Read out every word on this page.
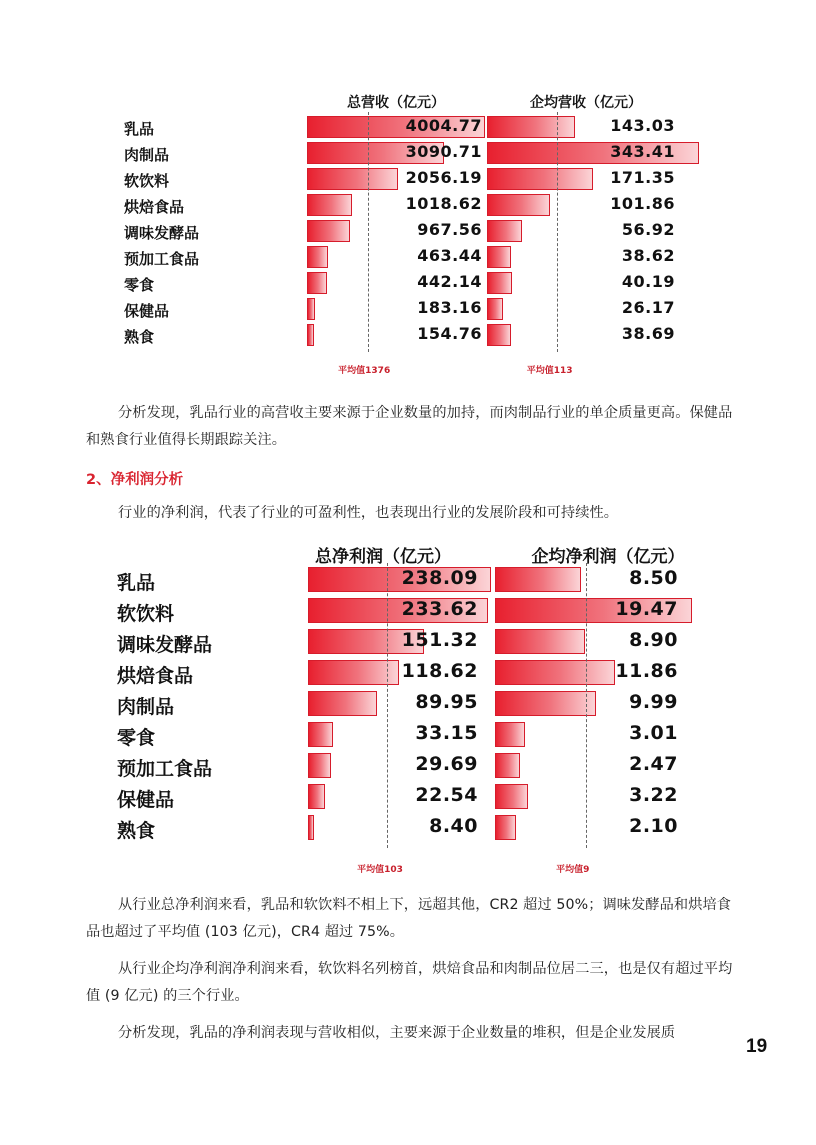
乳品
肉制品
软饮料
烘焙食品
调味发酵品
预加工食品
零食
保健品
熟食
总营收（亿元）
4004.77
3090.71
2056.19
1018.62
967.56
463.44
442.14
183.16
154.76
平均值1376
企均营收（亿元）
143.03
343.41
171.35
101.86
56.92
38.62
40.19
26.17
38.69
平均值113
乳品
软饮料
调味发酵品
烘焙食品
肉制品
零食
预加工食品
保健品
熟食
总净利润（亿元）
238.09
233.62
151.32
118.62
89.95
33.15
29.69
22.54
8.40
平均值103
企均净利润（亿元）
8.50
19.47
8.90
11.86
9.99
3.01
2.47
3.22
2.10
平均值9
分析发现，乳品行业的高营收主要来源于企业数量的加持，而肉制品行业的单企质量更高。保健品和熟食行业值得长期跟踪关注。
2、净利润分析
行业的净利润，代表了行业的可盈利性，也表现出行业的发展阶段和可持续性。
从行业总净利润来看，乳品和软饮料不相上下，远超其他，CR2 超过 50%；调味发酵品和烘培食品也超过了平均值 (103 亿元)，CR4 超过 75%。
从行业企均净利润净利润来看，软饮料名列榜首，烘焙食品和肉制品位居二三，也是仅有超过平均值 (9 亿元) 的三个行业。
分析发现，乳品的净利润表现与营收相似，主要来源于企业数量的堆积，但是企业发展质
19
